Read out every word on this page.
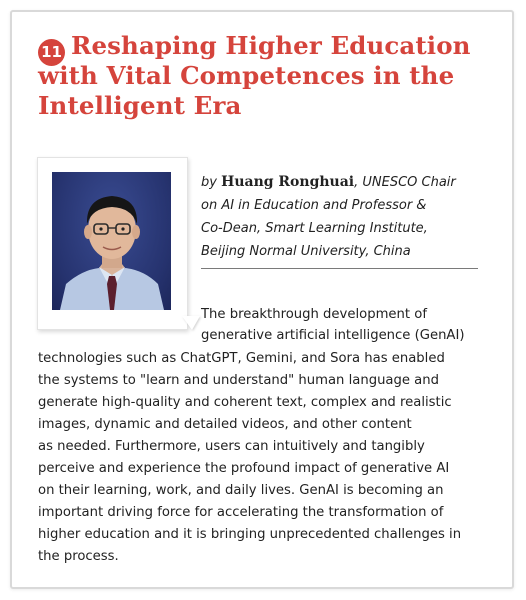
11 Reshaping Higher Education with Vital Competences in the Intelligent Era

by Huang Ronghuai, UNESCO Chair
on AI in Education and Professor &
Co-Dean, Smart Learning Institute,
Beijing Normal University, China

The breakthrough development of

generative artificial intelligence (GenAI)

technologies such as ChatGPT, Gemini, and Sora has enabled

the systems to "learn and understand" human language and

generate high-quality and coherent text, complex and realistic

images, dynamic and detailed videos, and other content

as needed. Furthermore, users can intuitively and tangibly

perceive and experience the profound impact of generative AI

on their learning, work, and daily lives. GenAI is becoming an

important driving force for accelerating the transformation of

higher education and it is bringing unprecedented challenges in

the process.
